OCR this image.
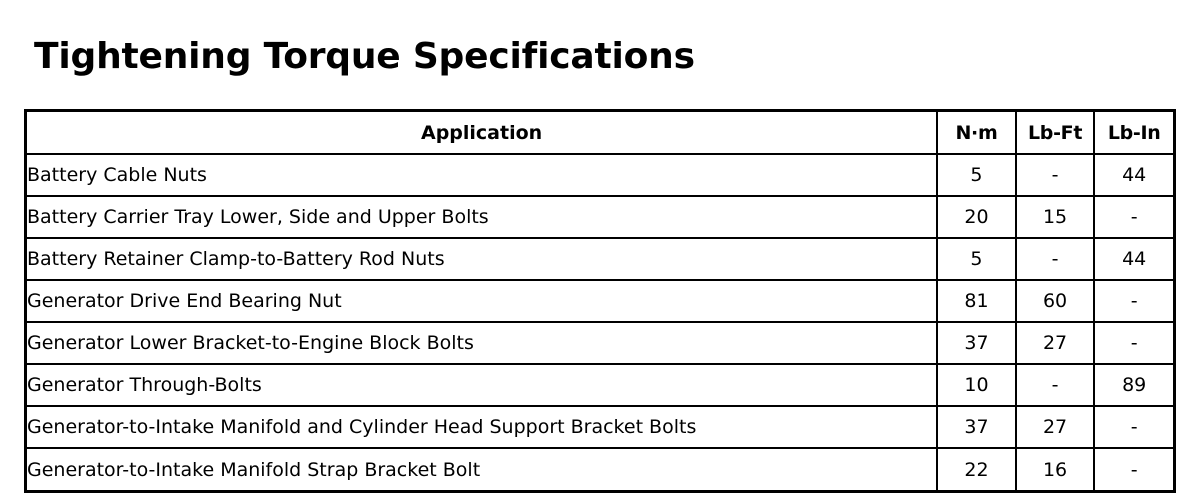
Tightening Torque Specifications
Application	N·m	Lb-Ft	Lb-In
Battery Cable Nuts	5	-	44
Battery Carrier Tray Lower, Side and Upper Bolts	20	15	-
Battery Retainer Clamp-to-Battery Rod Nuts	5	-	44
Generator Drive End Bearing Nut	81	60	-
Generator Lower Bracket-to-Engine Block Bolts	37	27	-
Generator Through-Bolts	10	-	89
Generator-to-Intake Manifold and Cylinder Head Support Bracket Bolts	37	27	-
Generator-to-Intake Manifold Strap Bracket Bolt	22	16	-
